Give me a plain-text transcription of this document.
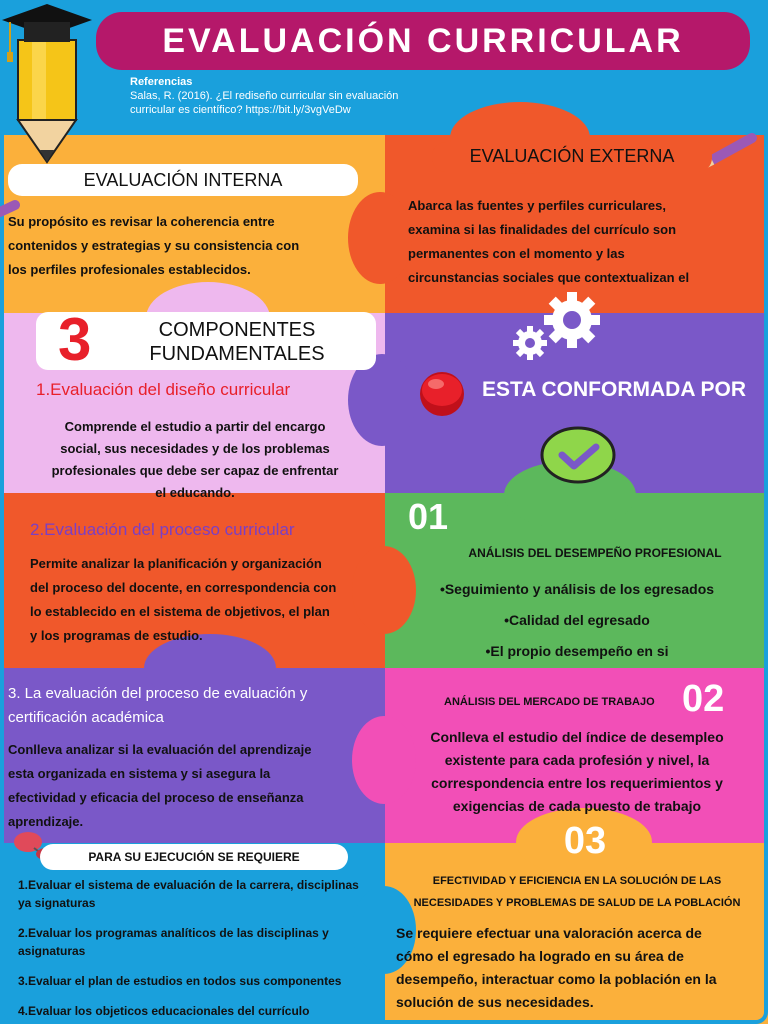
EVALUACIÓN CURRICULAR
Referencias
Salas, R. (2016). ¿El rediseño curricular sin evaluación
curricular es científico? https://bit.ly/3vgVeDw
EVALUACIÓN INTERNA
Su propósito es revisar la coherencia entre
contenidos y estrategias y su consistencia con
los perfiles profesionales establecidos.
EVALUACIÓN EXTERNA
Abarca las fuentes y perfiles curriculares,
examina si las finalidades del currículo son
permanentes con el momento y las
circunstancias sociales que contextualizan el
3	COMPONENTES
FUNDAMENTALES
1.Evaluación del diseño curricular
Comprende el estudio a partir del encargo
social, sus necesidades y de los problemas
profesionales que debe ser capaz de enfrentar
el educando.
ESTA CONFORMADA POR
2.Evaluación del proceso curricular
Permite analizar la planificación y organización
del proceso del docente, en correspondencia con
lo establecido en el sistema de objetivos, el plan
y los programas de estudio.
01
ANÁLISIS DEL DESEMPEÑO PROFESIONAL
•Seguimiento y análisis de los egresados
•Calidad del egresado
•El propio desempeño en si
3. La evaluación del proceso de evaluación y
certificación académica
Conlleva analizar si la evaluación del aprendizaje
esta organizada en sistema y si asegura la
efectividad y eficacia del proceso de enseñanza
aprendizaje.
ANÁLISIS DEL MERCADO DE TRABAJO 02
Conlleva el estudio del índice de desempleo
existente para cada profesión y nivel, la
correspondencia entre los requerimientos y
exigencias de cada puesto de trabajo
PARA SU EJECUCIÓN SE REQUIERE
1.Evaluar el sistema de evaluación de la carrera, disciplinas
ya signaturas
2.Evaluar los programas analíticos de las disciplinas y
asignaturas
3.Evaluar el plan de estudios en todos sus componentes
4.Evaluar los objeticos educacionales del currículo
03
EFECTIVIDAD Y EFICIENCIA EN LA SOLUCIÓN DE LAS
NECESIDADES Y PROBLEMAS DE SALUD DE LA POBLACIÓN
Se requiere efectuar una valoración acerca de
cómo el egresado ha logrado en su área de
desempeño, interactuar como la población en la
solución de sus necesidades.
